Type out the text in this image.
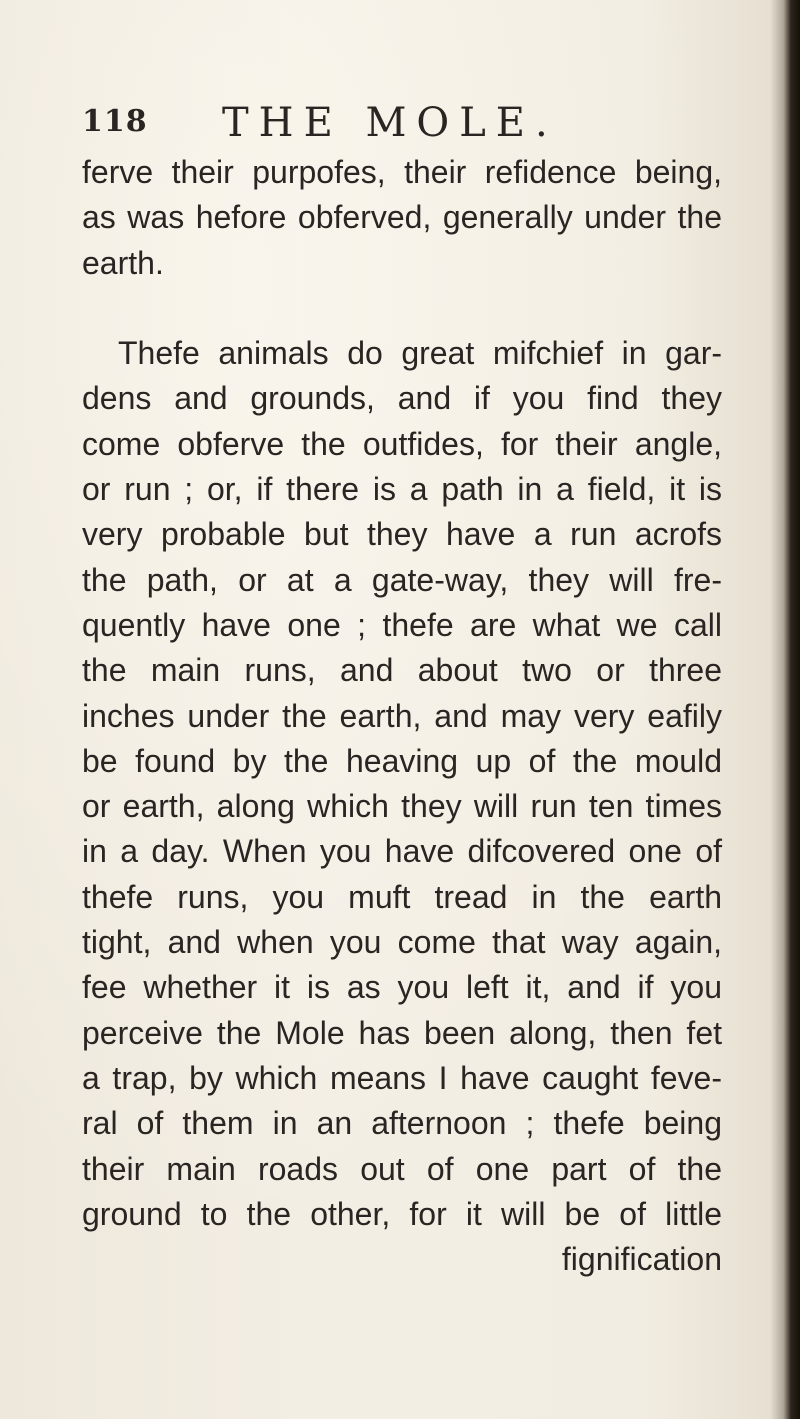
118 THE MOLE.
ferve their purpofes, their refidence being,
as was hefore obferved, generally under the
earth.
Thefe animals do great mifchief in gar-
dens and grounds, and if you find they
come obferve the outfides, for their angle,
or run ; or, if there is a path in a field, it is
very probable but they have a run acrofs
the path, or at a gate-way, they will fre-
quently have one ; thefe are what we call
the main runs, and about two or three
inches under the earth, and may very eafily
be found by the heaving up of the mould
or earth, along which they will run ten times
in a day. When you have difcovered one of
thefe runs, you muft tread in the earth
tight, and when you come that way again,
fee whether it is as you left it, and if you
perceive the Mole has been along, then fet
a trap, by which means I have caught feve-
ral of them in an afternoon ; thefe being
their main roads out of one part of the
ground to the other, for it will be of little
fignification
